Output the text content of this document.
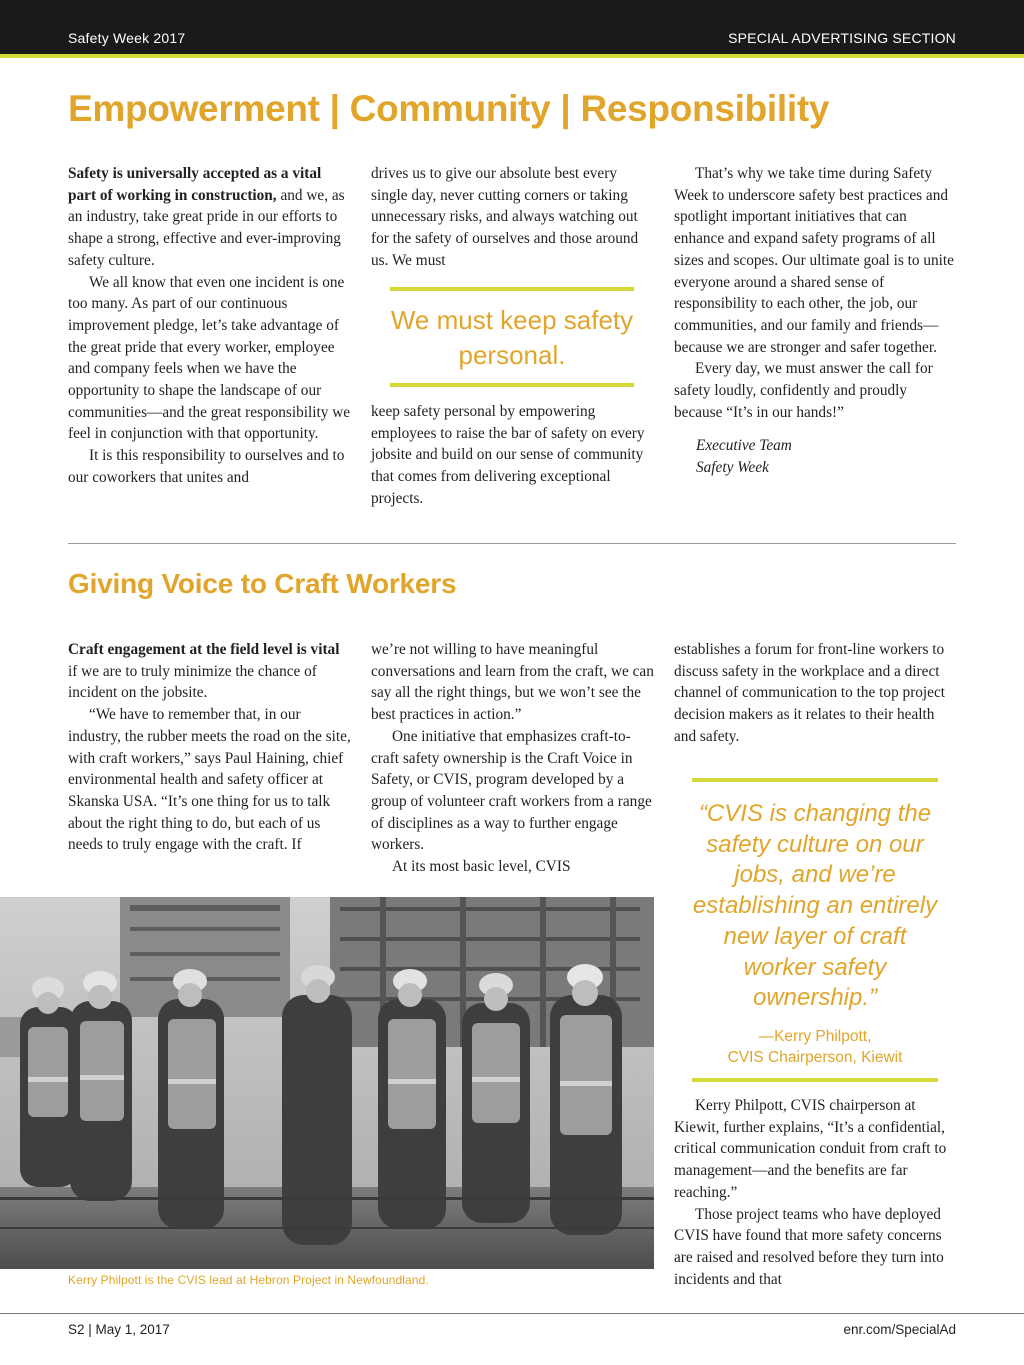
Safety Week 2017	SPECIAL ADVERTISING SECTION
Empowerment | Community | Responsibility

Safety is universally accepted as a vital part of working in construction, and we, as an industry, take great pride in our efforts to shape a strong, effective and ever-improving safety culture.

We all know that even one incident is one too many. As part of our continuous improvement pledge, let’s take advantage of the great pride that every worker, employee and company feels when we have the opportunity to shape the landscape of our communities—and the great responsibility we feel in conjunction with that opportunity.

It is this responsibility to ourselves and to our coworkers that unites and

drives us to give our absolute best every single day, never cutting corners or taking unnecessary risks, and always watching out for the safety of ourselves and those around us. We must

We must keep safety personal.

keep safety personal by empowering employees to raise the bar of safety on every jobsite and build on our sense of community that comes from delivering exceptional projects.

That’s why we take time during Safety Week to underscore safety best practices and spotlight important initiatives that can enhance and expand safety programs of all sizes and scopes. Our ultimate goal is to unite everyone around a shared sense of responsibility to each other, the job, our communities, and our family and friends—because we are stronger and safer together.

Every day, we must answer the call for safety loudly, confidently and proudly because “It’s in our hands!”

Executive Team

Safety Week

Giving Voice to Craft Workers

Craft engagement at the field level is vital if we are to truly minimize the chance of incident on the jobsite.

“We have to remember that, in our industry, the rubber meets the road on the site, with craft workers,” says Paul Haining, chief environmental health and safety officer at Skanska USA. “It’s one thing for us to talk about the right thing to do, but each of us needs to truly engage with the craft. If

we’re not willing to have meaningful conversations and learn from the craft, we can say all the right things, but we won’t see the best practices in action.”

One initiative that emphasizes craft-to-craft safety ownership is the Craft Voice in Safety, or CVIS, program developed by a group of volunteer craft workers from a range of disciplines as a way to further engage workers.

At its most basic level, CVIS

establishes a forum for front-line workers to discuss safety in the workplace and a direct channel of communication to the top project decision makers as it relates to their health and safety.

“CVIS is changing the safety culture on our jobs, and we’re establishing an entirely new layer of craft worker safety ownership.”
—Kerry Philpott,
CVIS Chairperson, Kiewit

Kerry Philpott, CVIS chairperson at Kiewit, further explains, “It’s a confidential, critical communication conduit from craft to management—and the benefits are far reaching.”

Those project teams who have deployed CVIS have found that more safety concerns are raised and resolved before they turn into incidents and that

Kerry Philpott is the CVIS lead at Hebron Project in Newfoundland.
S2 | May 1, 2017	enr.com/SpecialAd
